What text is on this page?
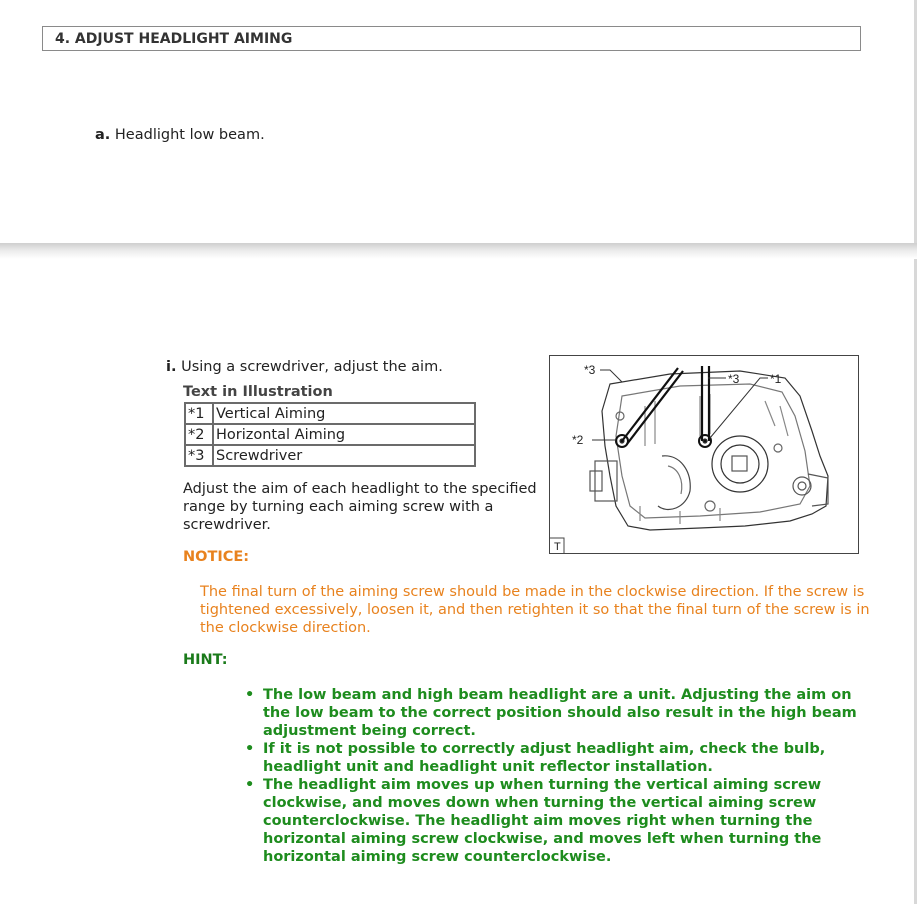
4. ADJUST HEADLIGHT AIMING
a. Headlight low beam.
i. Using a screwdriver, adjust the aim.
Text in Illustration
*1	Vertical Aiming
*2	Horizontal Aiming
*3	Screwdriver
Adjust the aim of each headlight to the specified range by turning each aiming screw with a screwdriver.
*3
*3	*1
*2
T
NOTICE:
The final turn of the aiming screw should be made in the clockwise direction. If the screw is tightened excessively, loosen it, and then retighten it so that the final turn of the screw is in the clockwise direction.
HINT:
• The low beam and high beam headlight are a unit. Adjusting the aim on the low beam to the correct position should also result in the high beam adjustment being correct.
• If it is not possible to correctly adjust headlight aim, check the bulb, headlight unit and headlight unit reflector installation.
• The headlight aim moves up when turning the vertical aiming screw clockwise, and moves down when turning the vertical aiming screw counterclockwise. The headlight aim moves right when turning the horizontal aiming screw clockwise, and moves left when turning the horizontal aiming screw counterclockwise.
